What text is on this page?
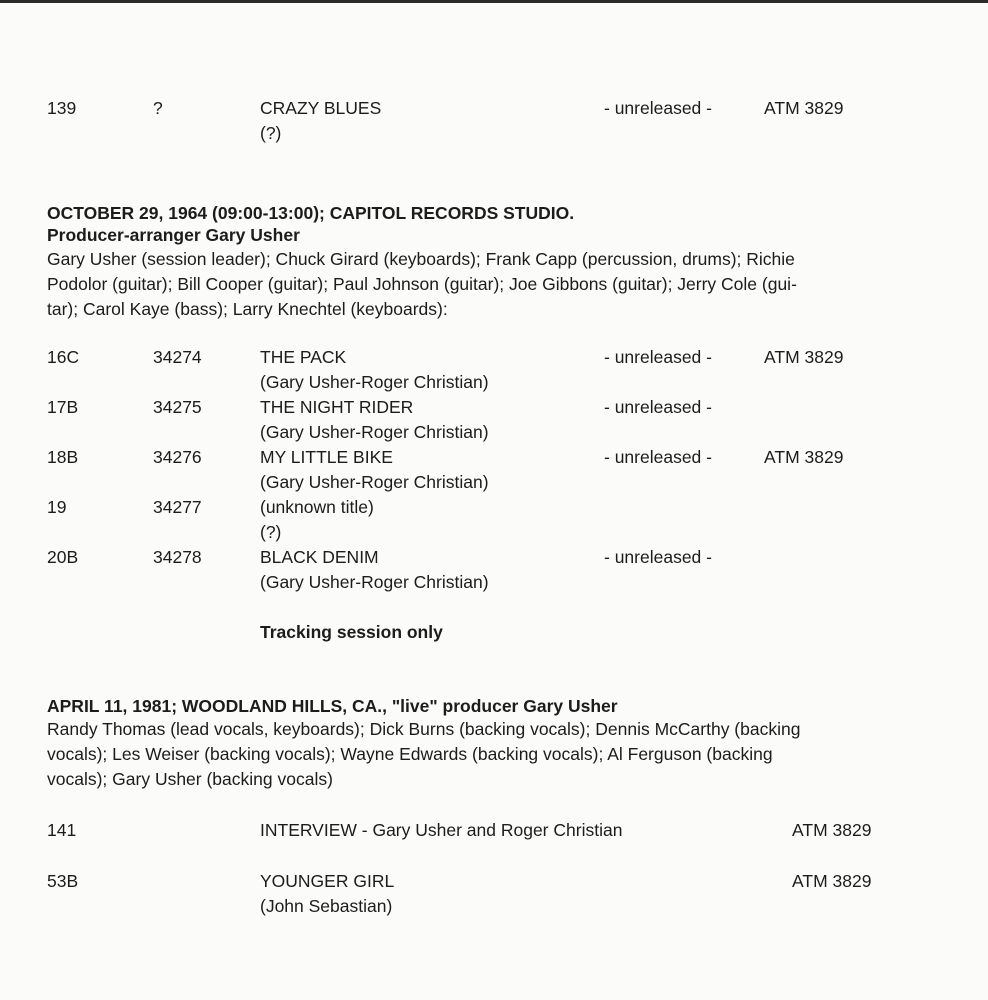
139	?	CRAZY BLUES
(?)
- unreleased -	ATM 3829
OCTOBER 29, 1964 (09:00-13:00); CAPITOL RECORDS STUDIO.
Producer-arranger Gary Usher
Gary Usher (session leader); Chuck Girard (keyboards); Frank Capp (percussion, drums); Richie
Podolor (guitar); Bill Cooper (guitar); Paul Johnson (guitar); Joe Gibbons (guitar); Jerry Cole (gui-
tar); Carol Kaye (bass); Larry Knechtel (keyboards):
16C	34274	THE PACK
(Gary Usher-Roger Christian)
- unreleased -	ATM 3829
17B	34275	THE NIGHT RIDER
(Gary Usher-Roger Christian)
- unreleased -
18B	34276	MY LITTLE BIKE
(Gary Usher-Roger Christian)
- unreleased -	ATM 3829
19	34277	(unknown title)
(?)
20B	34278	BLACK DENIM
(Gary Usher-Roger Christian)
- unreleased -
Tracking session only
APRIL 11, 1981; WOODLAND HILLS, CA., "live" producer Gary Usher
Randy Thomas (lead vocals, keyboards); Dick Burns (backing vocals); Dennis McCarthy (backing
vocals); Les Weiser (backing vocals); Wayne Edwards (backing vocals); Al Ferguson (backing
vocals); Gary Usher (backing vocals)
141	INTERVIEW - Gary Usher and Roger Christian	ATM 3829
53B	YOUNGER GIRL
(John Sebastian)
ATM 3829
